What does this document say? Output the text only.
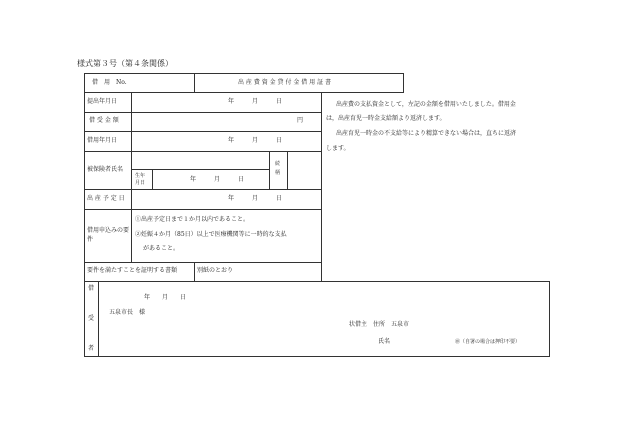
様式第３号（第４条関係）
借　用　No.	出 産 費 資 金 貸 付 金 借 用 証 書
提出年月日	年　　　月　　　日
借 受 金 額	円
借用年月日	年　　　月　　　日
被保険者氏名
生年月日	年　　　月　　　日
続柄
出 産 予 定 日	年　　　月　　　日
借用申込みの要件
①出産予定日まで１か月以内であること。
②妊娠４か月（85日）以上で医療機関等に一時的な支払
があること。
要件を満たすことを証明する書類	別紙のとおり
出産費の支払資金として，左記の金額を借用いたしました。借用金
は，出産育児一時金支給額より返済します。
出産育児一時金の不支給等により精算できない場合は，直ちに返済
します。
借
受
者
年　　月　　日
五泉市長　様
状借主　住所　五泉市
氏名	㊞（自署の場合は押印不要）
